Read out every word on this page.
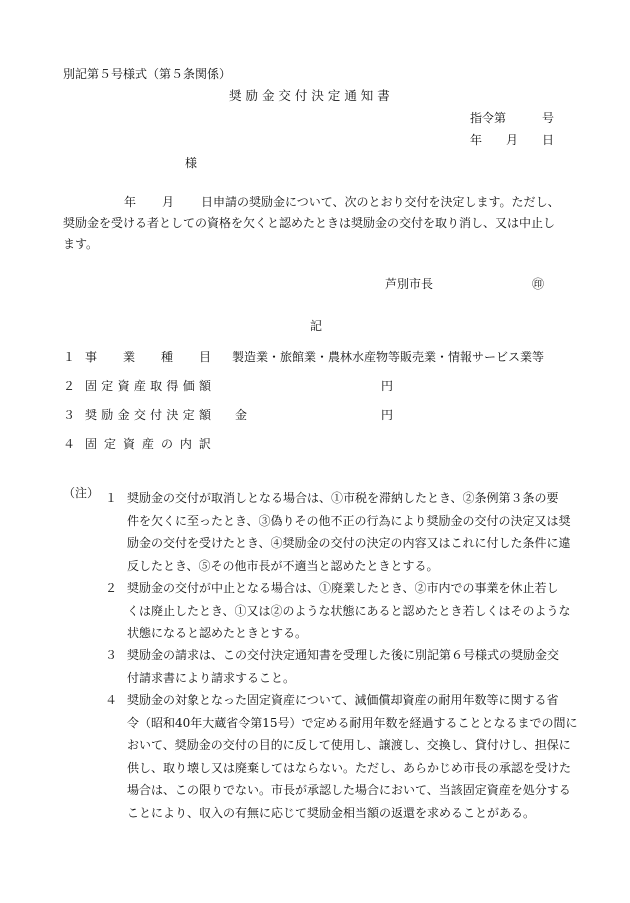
別記第５号様式（第５条関係）
奨 励 金 交 付 決 定 通 知 書
指令第	号
年 月 日
様
年 月 日申請の奨励金について、次のとおり交付を決定します。ただし、
奨励金を受ける者としての資格を欠くと認めたときは奨励金の交付を取り消し、又は中止し
ます。
芦別市長	㊞
記
１ 事 業 種 目 製造業・旅館業・農林水産物等販売業・情報サービス業等
２ 固 定 資 産 取 得 価 額	円
３ 奨 励 金 交 付 決 定 額 金	円
４ 固 定 資 産 の 内 訳
（注） １ 奨励金の交付が取消しとなる場合は、①市税を滞納したとき、②条例第３条の要
件を欠くに至ったとき、③偽りその他不正の行為により奨励金の交付の決定又は奨
励金の交付を受けたとき、④奨励金の交付の決定の内容又はこれに付した条件に違
反したとき、⑤その他市長が不適当と認めたときとする。
２ 奨励金の交付が中止となる場合は、①廃業したとき、②市内での事業を休止若し
くは廃止したとき、①又は②のような状態にあると認めたとき若しくはそのような
状態になると認めたときとする。
３ 奨励金の請求は、この交付決定通知書を受理した後に別記第６号様式の奨励金交
付請求書により請求すること。
４ 奨励金の対象となった固定資産について、減価償却資産の耐用年数等に関する省
令（昭和40年大蔵省令第15号）で定める耐用年数を経過することとなるまでの間に
おいて、奨励金の交付の目的に反して使用し、譲渡し、交換し、貸付けし、担保に
供し、取り壊し又は廃棄してはならない。ただし、あらかじめ市長の承認を受けた
場合は、この限りでない。市長が承認した場合において、当該固定資産を処分する
ことにより、収入の有無に応じて奨励金相当額の返還を求めることがある。
